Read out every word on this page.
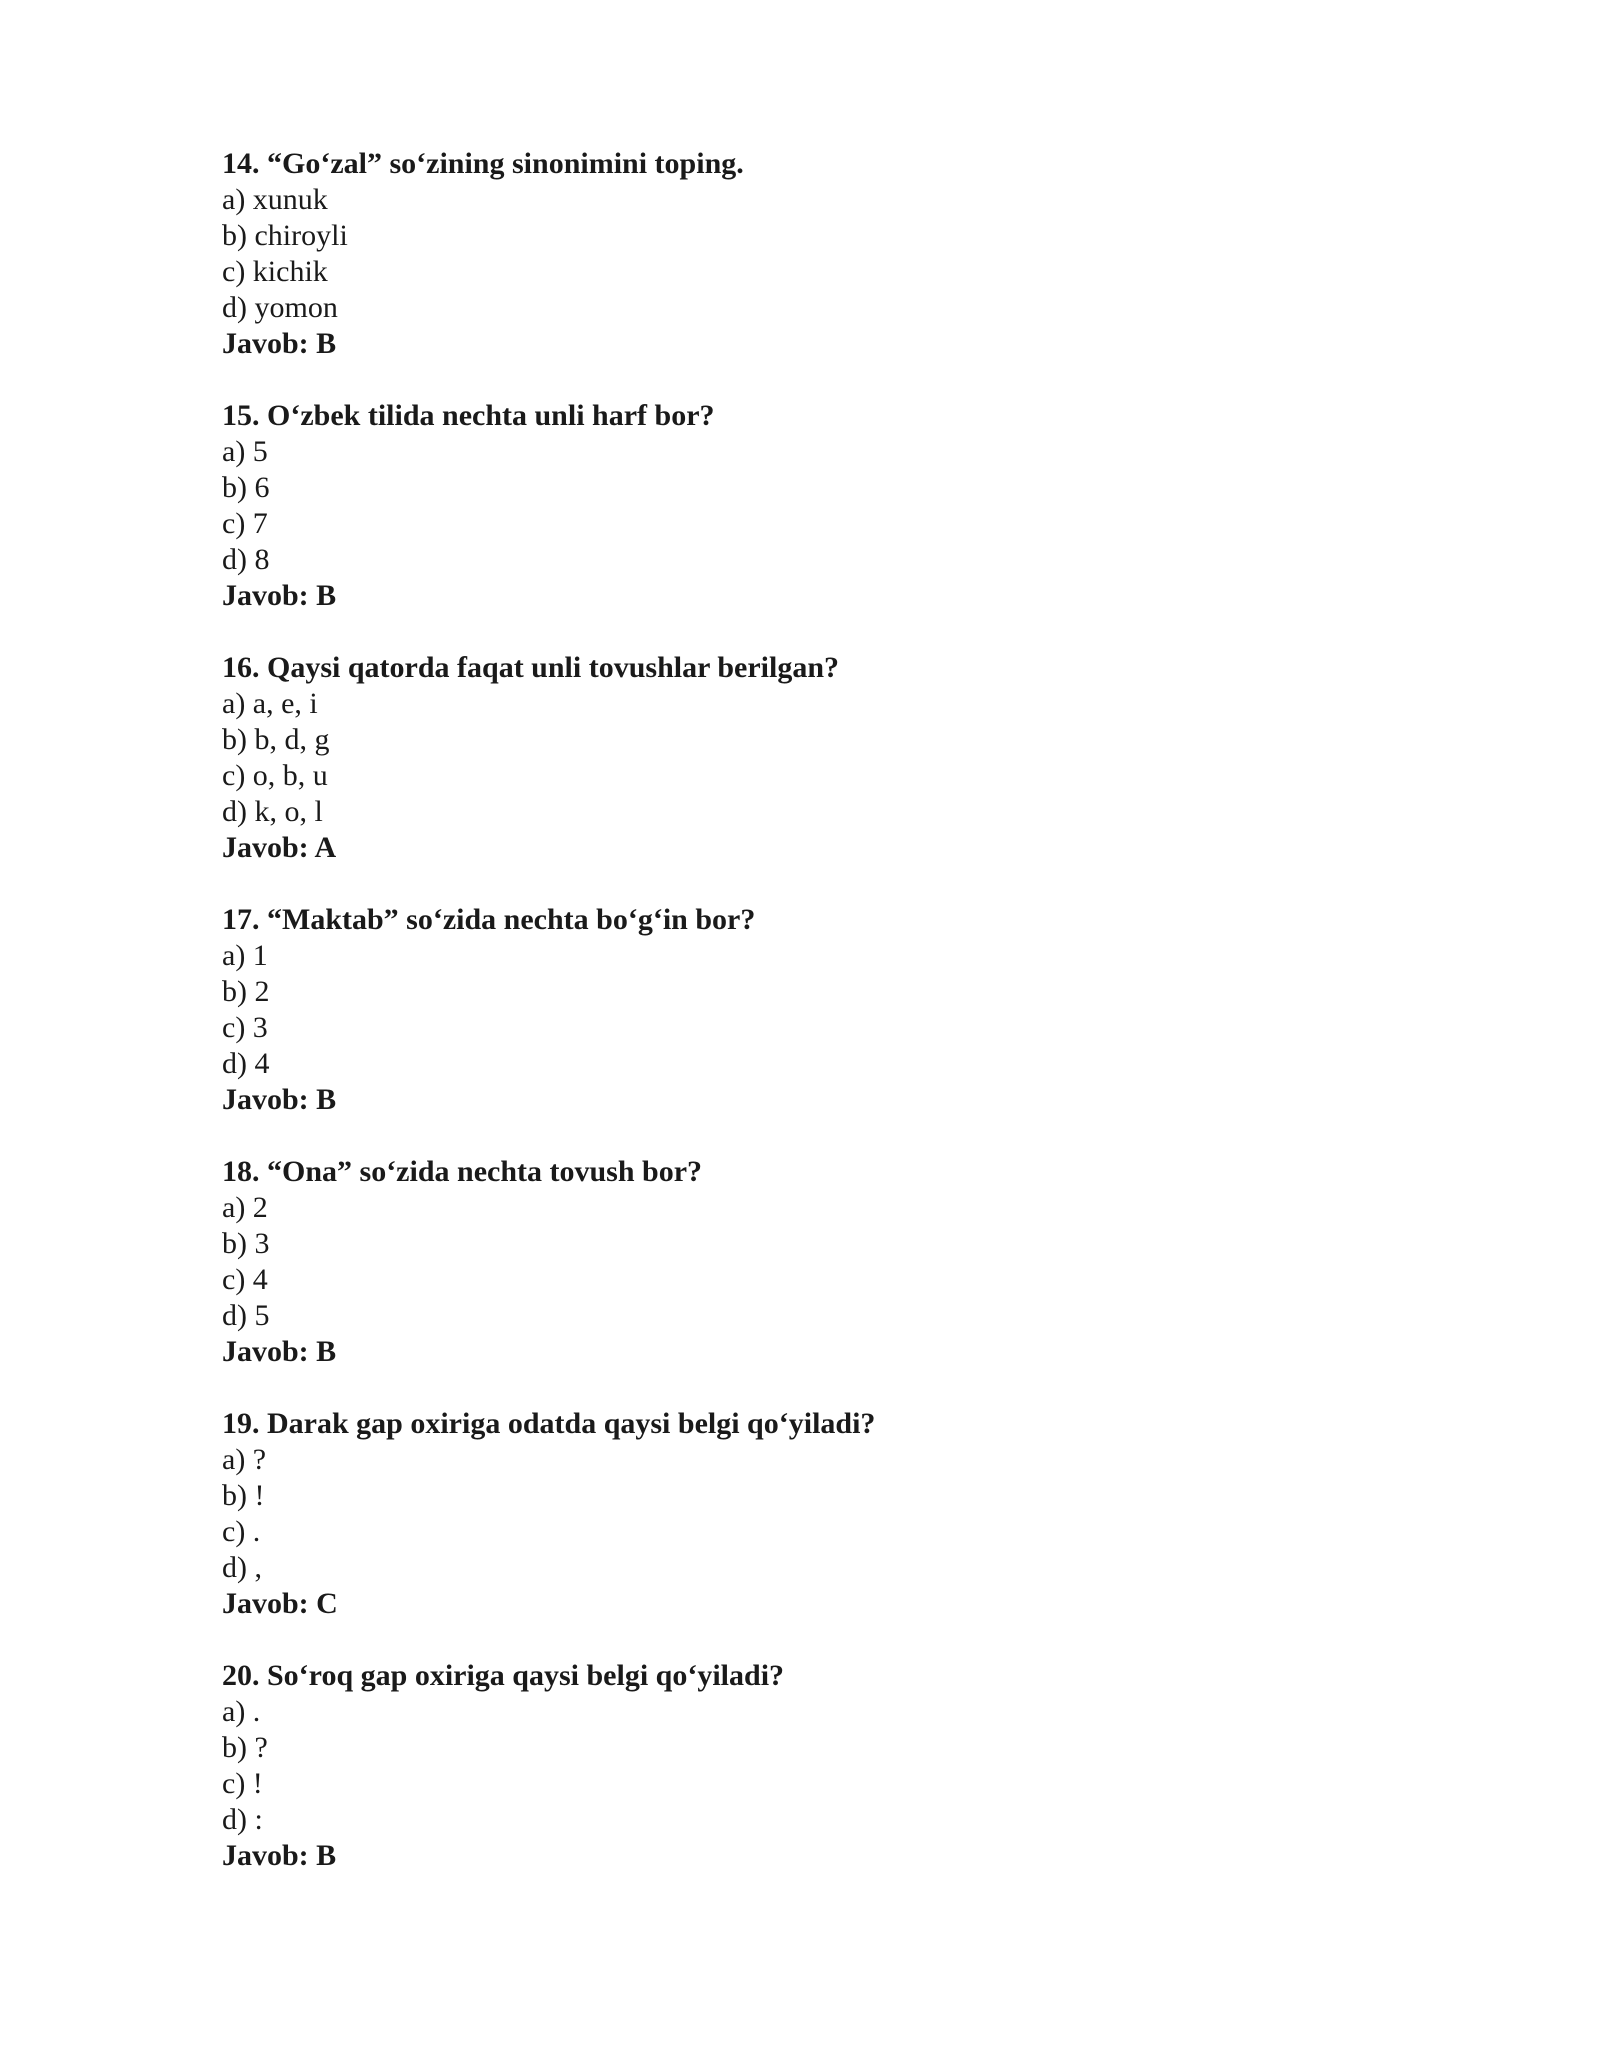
14. “Go‘zal” so‘zining sinonimini toping.
a) xunuk
b) chiroyli
c) kichik
d) yomon
Javob: B
15. O‘zbek tilida nechta unli harf bor?
a) 5
b) 6
c) 7
d) 8
Javob: B
16. Qaysi qatorda faqat unli tovushlar berilgan?
a) a, e, i
b) b, d, g
c) o, b, u
d) k, o, l
Javob: A
17. “Maktab” so‘zida nechta bo‘g‘in bor?
a) 1
b) 2
c) 3
d) 4
Javob: B
18. “Ona” so‘zida nechta tovush bor?
a) 2
b) 3
c) 4
d) 5
Javob: B
19. Darak gap oxiriga odatda qaysi belgi qo‘yiladi?
a) ?
b) !
c) .
d) ,
Javob: C
20. So‘roq gap oxiriga qaysi belgi qo‘yiladi?
a) .
b) ?
c) !
d) :
Javob: B
